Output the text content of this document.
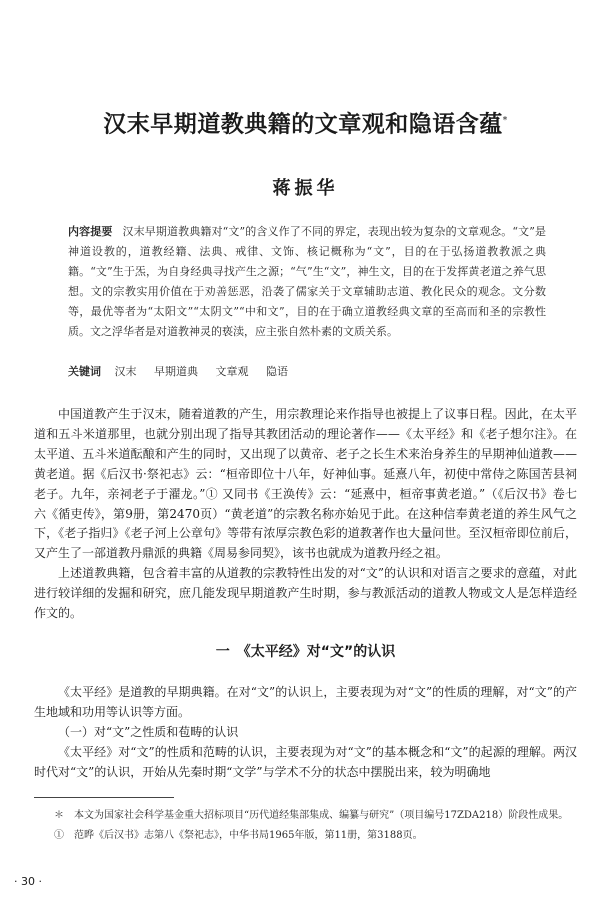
汉末早期道教典籍的文章观和隐语含蕴*
蒋振华
内容提要 汉末早期道教典籍对“文”的含义作了不同的界定，表现出较为复杂的文章观念。“文”是神道设教的，道教经籍、法典、戒律、文饰、核记概称为“文”，目的在于弘扬道教教派之典籍。“文”生于炁，为自身经典寻找产生之源；“气”生“文”，神生文，目的在于发挥黄老道之养气思想。文的宗教实用价值在于劝善惩恶，沿袭了儒家关于文章辅助志道、教化民众的观念。文分数等，最优等者为“太阳文”“太阴文”“中和文”，目的在于确立道教经典文章的至高而和圣的宗教性质。文之浮华者是对道教神灵的亵渎，应主张自然朴素的文质关系。
关键词 汉末 早期道典 文章观 隐语

中国道教产生于汉末，随着道教的产生，用宗教理论来作指导也被提上了议事日程。因此，在太平道和五斗米道那里，也就分别出现了指导其教团活动的理论著作——《太平经》和《老子想尔注》。在太平道、五斗米道酝酿和产生的同时，又出现了以黄帝、老子之长生术来治身养生的早期神仙道教——黄老道。据《后汉书·祭祀志》云：“桓帝即位十八年，好神仙事。延熹八年，初使中常侍之陈国苦县祠老子。九年，亲祠老子于濯龙。”① 又同书《王涣传》云：“延熹中，桓帝事黄老道。”（《后汉书》卷七六《循吏传》，第9册，第2470页）“黄老道”的宗教名称亦始见于此。在这种信奉黄老道的养生风气之下，《老子指归》《老子河上公章句》等带有浓厚宗教色彩的道教著作也大量问世。至汉桓帝即位前后，又产生了一部道教丹鼎派的典籍《周易参同契》，该书也就成为道教丹经之祖。

上述道教典籍，包含着丰富的从道教的宗教特性出发的对“文”的认识和对语言之要求的意蕴，对此进行较详细的发掘和研究，庶几能发现早期道教产生时期，参与教派活动的道教人物或文人是怎样造经作文的。

一　《太平经》对“文”的认识

《太平经》是道教的早期典籍。在对“文”的认识上，主要表现为对“文”的性质的理解，对“文”的产生地域和功用等认识等方面。

（一）对“文”之性质和苞畴的认识

《太平经》对“文”的性质和范畴的认识，主要表现为对“文”的基本概念和“文”的起源的理解。两汉时代对“文”的认识，开始从先秦时期“文学”与学术不分的状态中摆脱出来，较为明确地

＊　本文为国家社会科学基金重大招标项目“历代道经集部集成、编纂与研究”（项目编号17ZDA218）阶段性成果。

①　范晔《后汉书》志第八《祭祀志》，中华书局1965年版，第11册，第3188页。

· 30 ·
